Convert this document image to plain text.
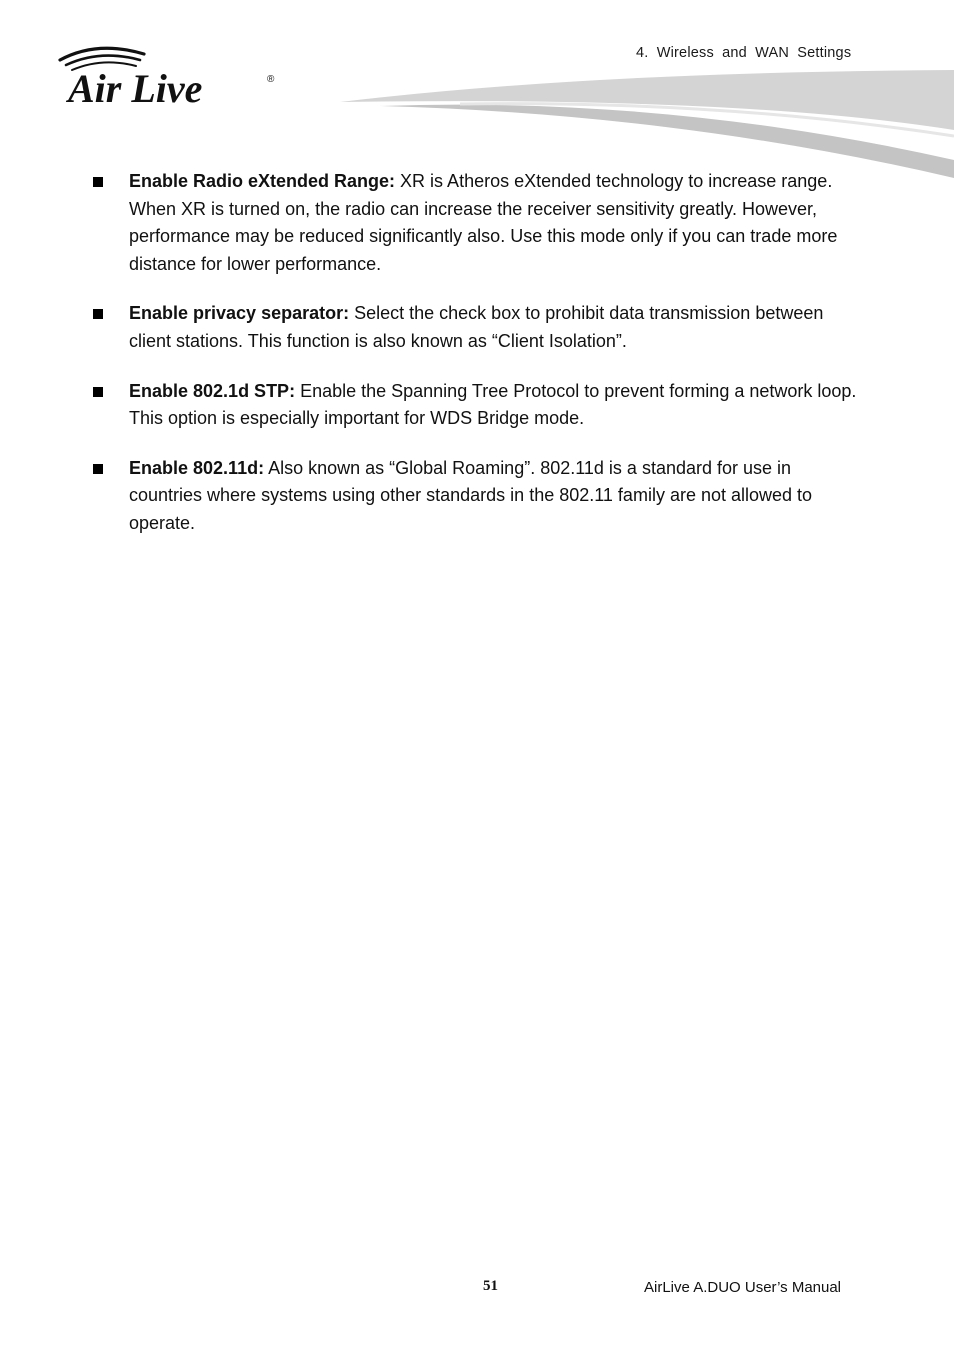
Air Live	®
4. Wireless and WAN Settings
Enable Radio eXtended Range: XR is Atheros eXtended technology to increase range. When XR is turned on, the radio can increase the receiver sensitivity greatly. However, performance may be reduced significantly also. Use this mode only if you can trade more distance for lower performance.
Enable privacy separator: Select the check box to prohibit data transmission between client stations. This function is also known as “Client Isolation”.
Enable 802.1d STP: Enable the Spanning Tree Protocol to prevent forming a network loop. This option is especially important for WDS Bridge mode.
Enable 802.11d: Also known as “Global Roaming”. 802.11d is a standard for use in countries where systems using other standards in the 802.11 family are not allowed to operate.
51	AirLive A.DUO User’s Manual
